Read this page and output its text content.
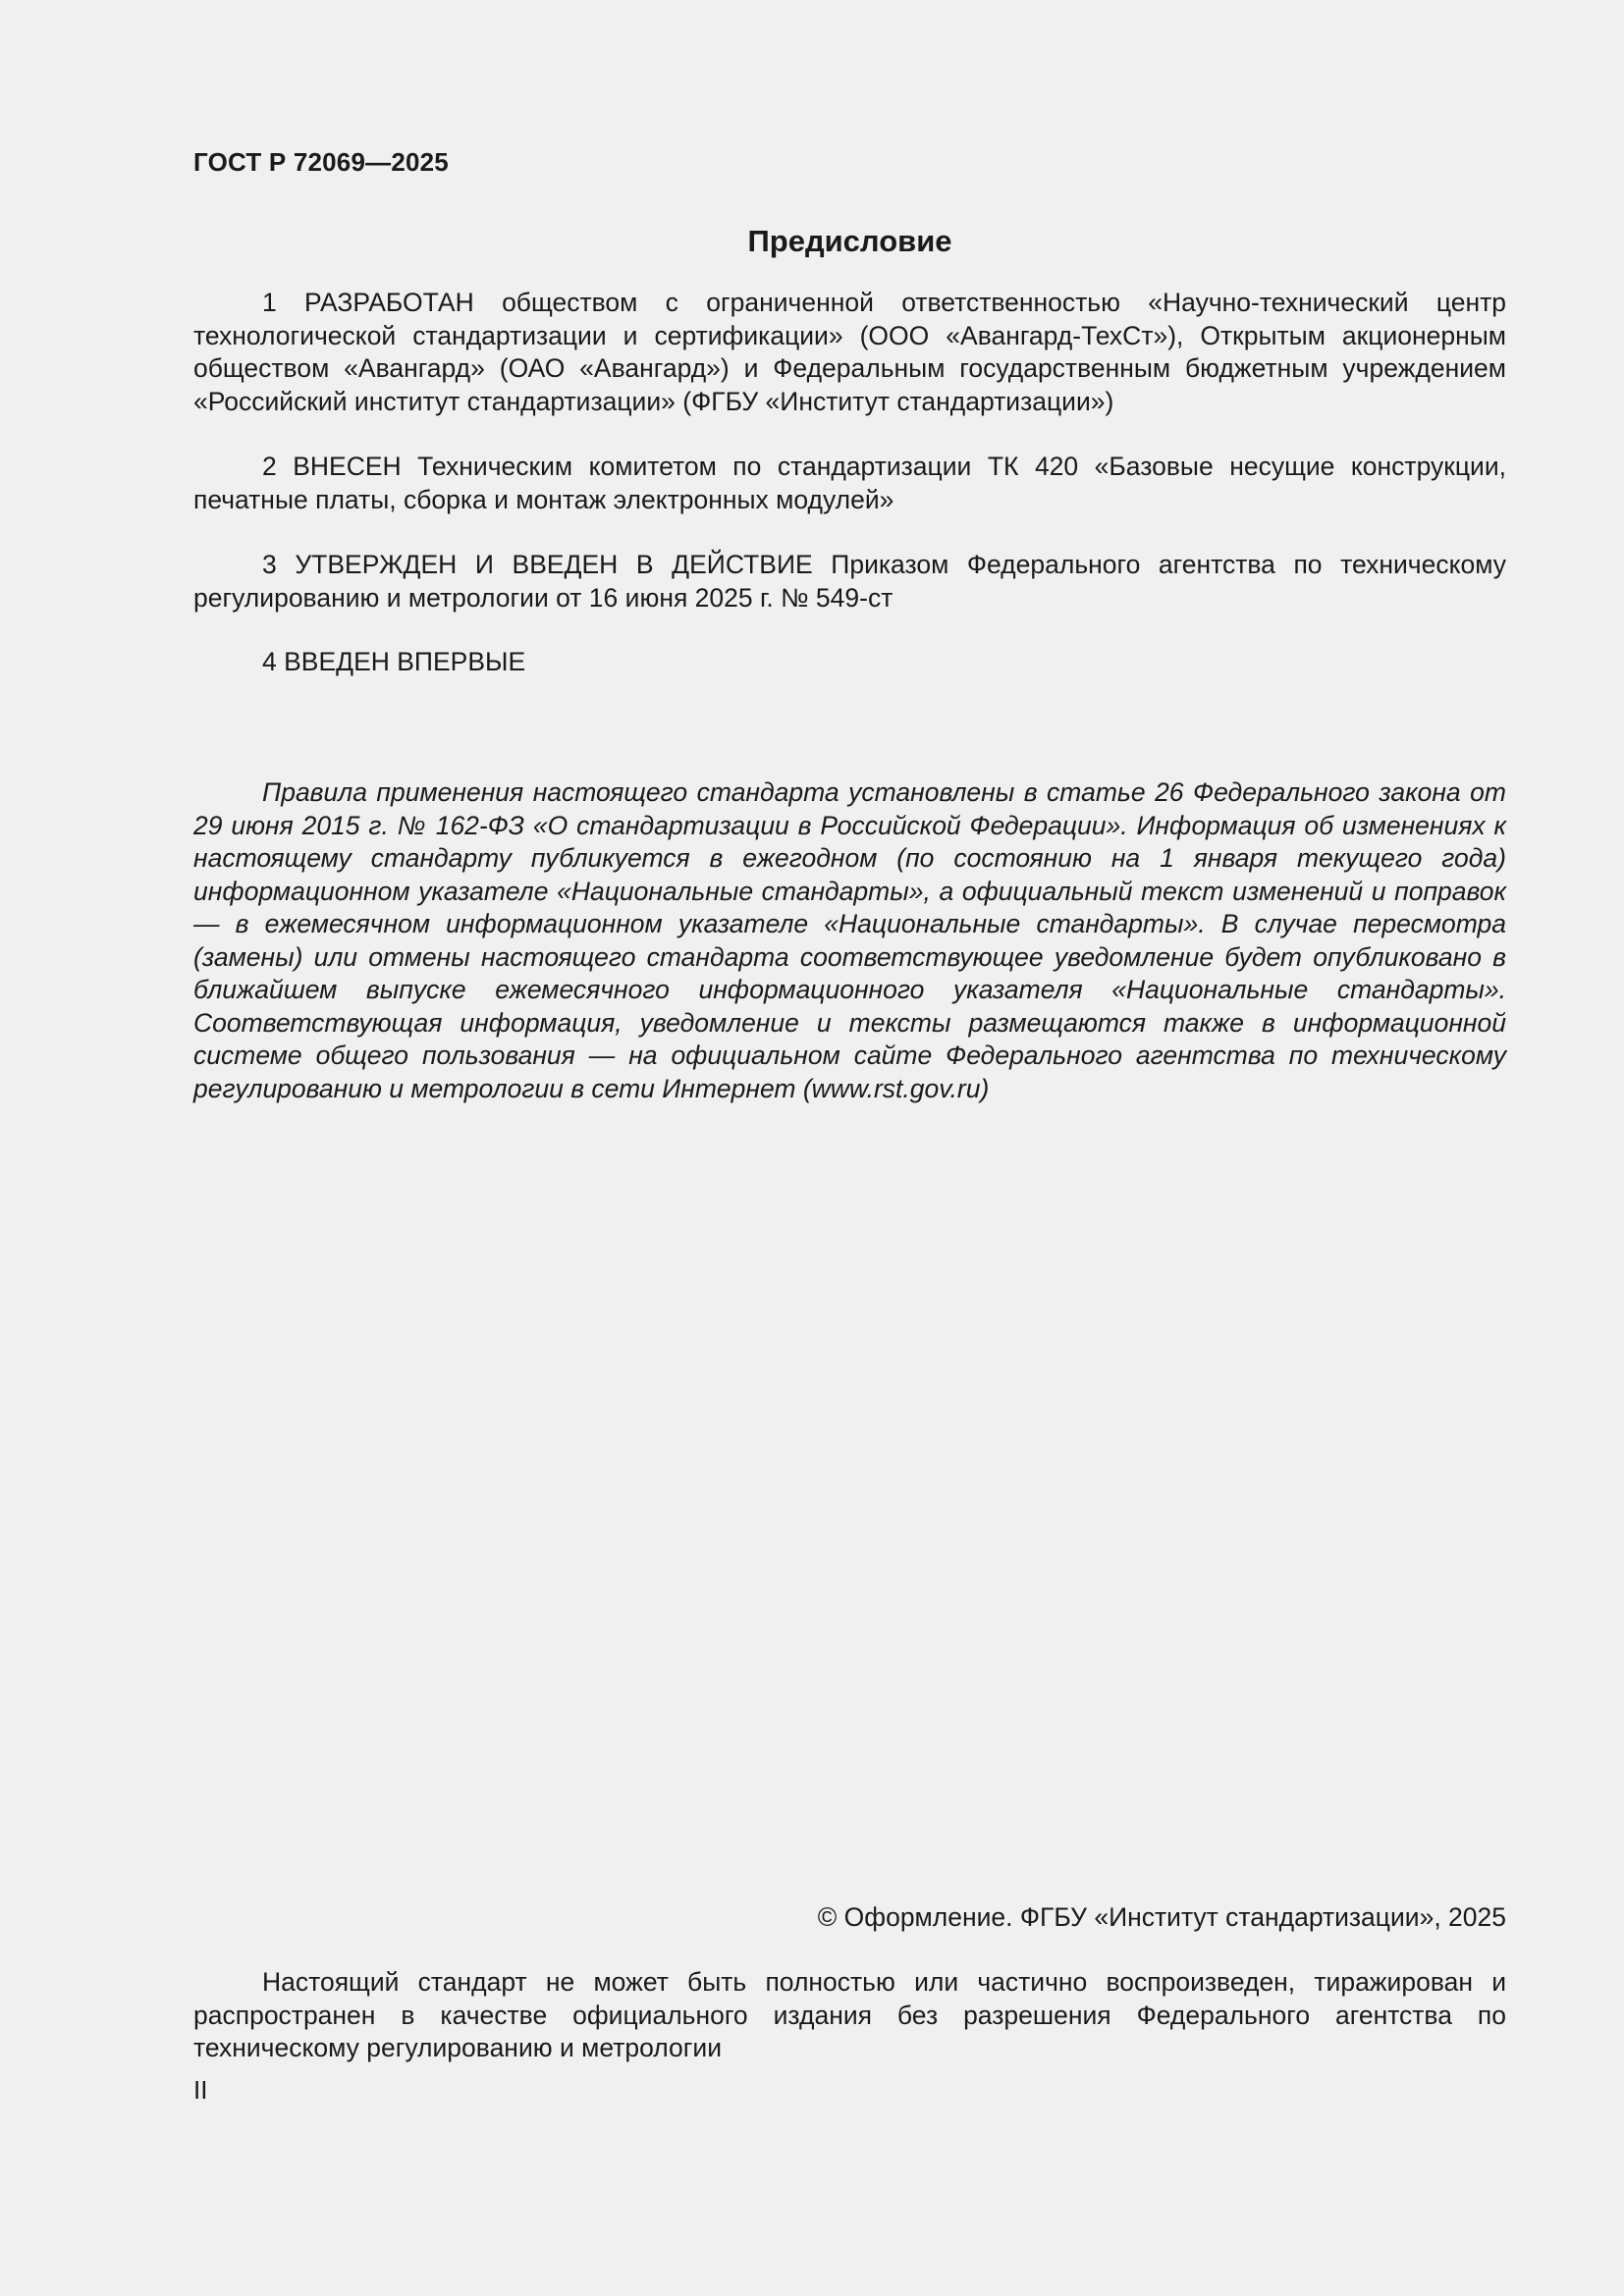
ГОСТ Р 72069—2025
Предисловие

1 РАЗРАБОТАН обществом с ограниченной ответственностью «Научно-технический центр технологической стандартизации и сертификации» (ООО «Авангард-ТехСт»), Открытым акционерным обществом «Авангард» (ОАО «Авангард») и Федеральным государственным бюджетным учреждением «Российский институт стандартизации» (ФГБУ «Институт стандартизации»)

2 ВНЕСЕН Техническим комитетом по стандартизации ТК 420 «Базовые несущие конструкции, печатные платы, сборка и монтаж электронных модулей»

3 УТВЕРЖДЕН И ВВЕДЕН В ДЕЙСТВИЕ Приказом Федерального агентства по техническому регулированию и метрологии от 16 июня 2025 г. № 549-ст

4 ВВЕДЕН ВПЕРВЫЕ

Правила применения настоящего стандарта установлены в статье 26 Федерального закона от 29 июня 2015 г. № 162-ФЗ «О стандартизации в Российской Федерации». Информация об изменениях к настоящему стандарту публикуется в ежегодном (по состоянию на 1 января текущего года) информационном указателе «Национальные стандарты», а официальный текст изменений и поправок — в ежемесячном информационном указателе «Национальные стандарты». В случае пересмотра (замены) или отмены настоящего стандарта соответствующее уведомление будет опубликовано в ближайшем выпуске ежемесячного информационного указателя «Национальные стандарты». Соответствующая информация, уведомление и тексты размещаются также в информационной системе общего пользования — на официальном сайте Федерального агентства по техническому регулированию и метрологии в сети Интернет (www.rst.gov.ru)

© Оформление. ФГБУ «Институт стандартизации», 2025

Настоящий стандарт не может быть полностью или частично воспроизведен, тиражирован и распространен в качестве официального издания без разрешения Федерального агентства по техническому регулированию и метрологии

II
